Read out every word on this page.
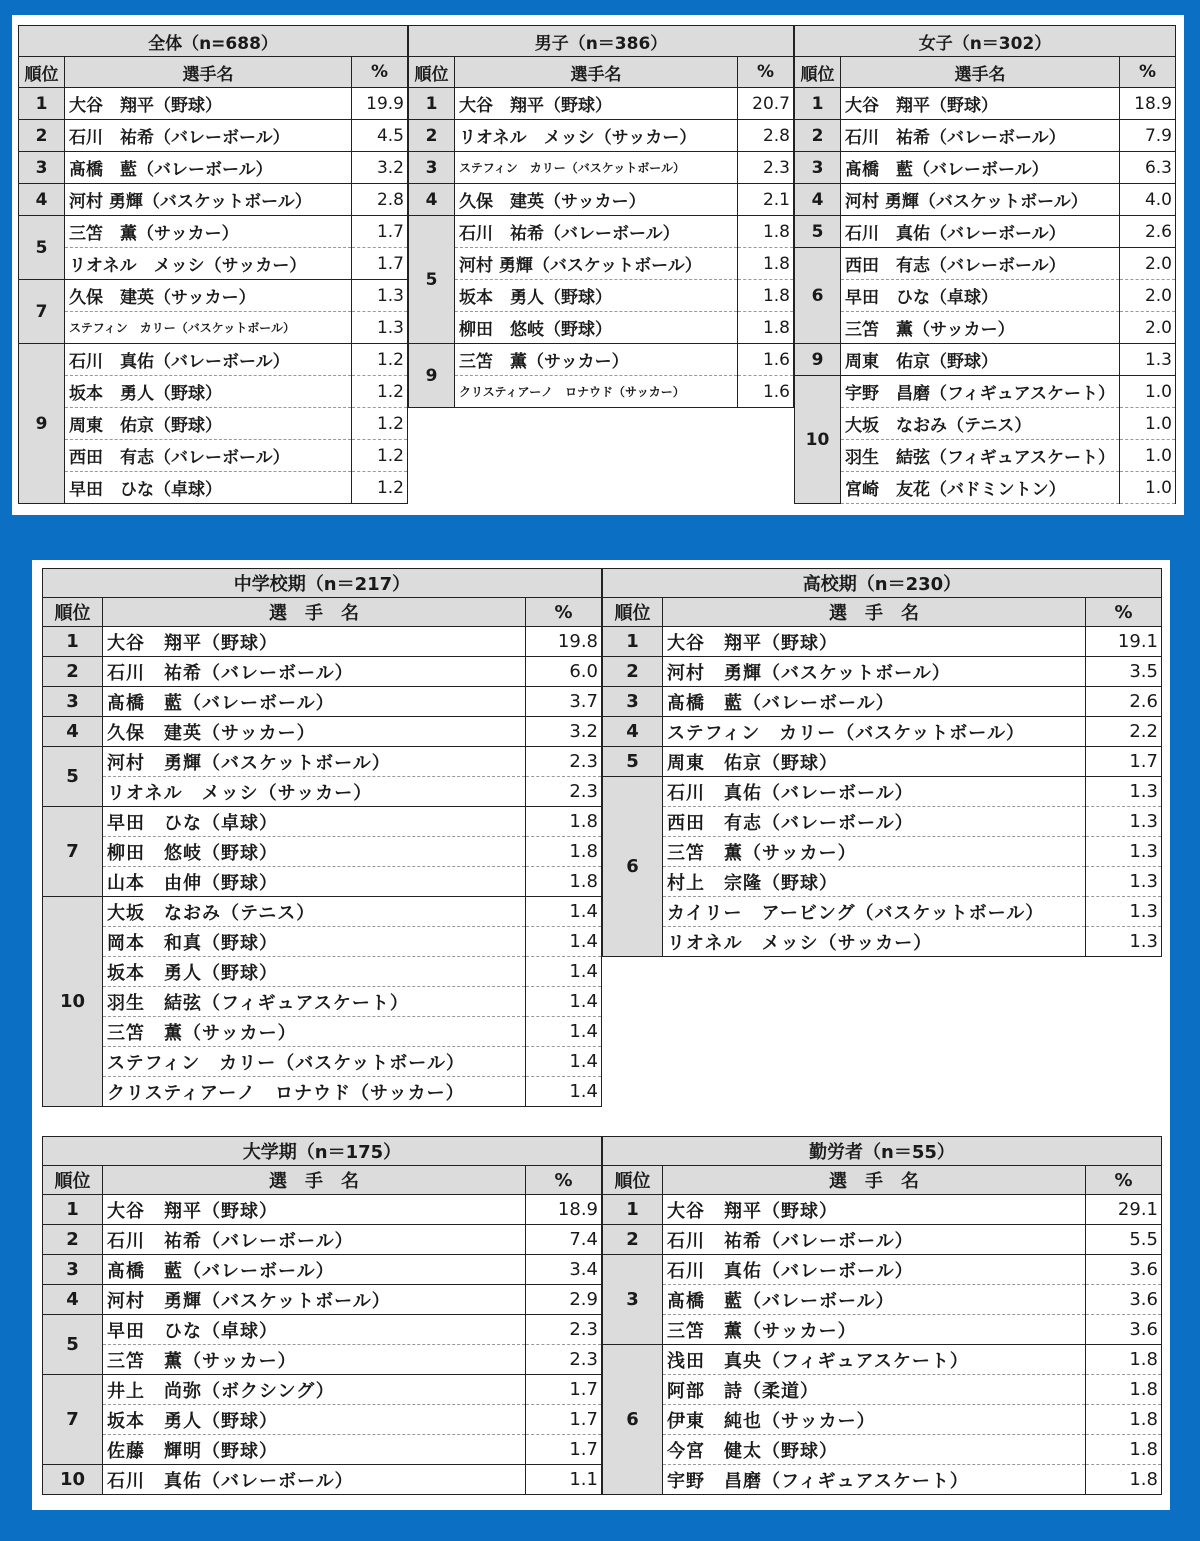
全体（n=688）		
順位	選手名	%
1	大谷　翔平（野球）	19.9
2	石川　祐希（バレーボール）	4.5
3	髙橋　藍（バレーボール）	3.2
4	河村 勇輝（バスケットボール）	2.8
5	三笘　薫（サッカー）	1.7
	リオネル　メッシ（サッカー）	1.7
7	久保　建英（サッカー）	1.3
	ステフィン　カリー（バスケットボール）	1.3
9	石川　真佑（バレーボール）	1.2
	坂本　勇人（野球）	1.2
	周東　佑京（野球）	1.2
	西田　有志（バレーボール）	1.2
	早田　ひな（卓球）	1.2
男子（n＝386）		
順位	選手名	%
1	大谷　翔平（野球）	20.7
2	リオネル　メッシ（サッカー）	2.8
3	ステフィン　カリー（バスケットボール）	2.3
4	久保　建英（サッカー）	2.1
5	石川　祐希（バレーボール）	1.8
	河村 勇輝（バスケットボール）	1.8
	坂本　勇人（野球）	1.8
	柳田　悠岐（野球）	1.8
9	三笘　薫（サッカー）	1.6
	クリスティアーノ　ロナウド（サッカー）	1.6
女子（n＝302）		
順位	選手名	%
1	大谷　翔平（野球）	18.9
2	石川　祐希（バレーボール）	7.9
3	髙橋　藍（バレーボール）	6.3
4	河村 勇輝（バスケットボール）	4.0
5	石川　真佑（バレーボール）	2.6
6	西田　有志（バレーボール）	2.0
	早田　ひな（卓球）	2.0
	三笘　薫（サッカー）	2.0
9	周東　佑京（野球）	1.3
10	宇野　昌磨（フィギュアスケート）	1.0
	大坂　なおみ（テニス）	1.0
	羽生　結弦（フィギュアスケート）	1.0
	宮崎　友花（バドミントン）	1.0
中学校期（n＝217）		
順位	選　手　名	%
1	大谷　翔平（野球）	19.8
2	石川　祐希（バレーボール）	6.0
3	髙橋　藍（バレーボール）	3.7
4	久保　建英（サッカー）	3.2
5	河村　勇輝（バスケットボール）	2.3
	リオネル　メッシ（サッカー）	2.3
7	早田　ひな（卓球）	1.8
	柳田　悠岐（野球）	1.8
	山本　由伸（野球）	1.8
10	大坂　なおみ（テニス）	1.4
	岡本　和真（野球）	1.4
	坂本　勇人（野球）	1.4
	羽生　結弦（フィギュアスケート）	1.4
	三笘　薫（サッカー）	1.4
	ステフィン　カリー（バスケットボール）	1.4
	クリスティアーノ　ロナウド（サッカー）	1.4
高校期（n＝230）		
順位	選　手　名	%
1	大谷　翔平（野球）	19.1
2	河村　勇輝（バスケットボール）	3.5
3	髙橋　藍（バレーボール）	2.6
4	ステフィン　カリー（バスケットボール）	2.2
5	周東　佑京（野球）	1.7
6	石川　真佑（バレーボール）	1.3
	西田　有志（バレーボール）	1.3
	三笘　薫（サッカー）	1.3
	村上　宗隆（野球）	1.3
	カイリー　アービング（バスケットボール）	1.3
	リオネル　メッシ（サッカー）	1.3
大学期（n＝175）		
順位	選　手　名	%
1	大谷　翔平（野球）	18.9
2	石川　祐希（バレーボール）	7.4
3	髙橋　藍（バレーボール）	3.4
4	河村　勇輝（バスケットボール）	2.9
5	早田　ひな（卓球）	2.3
	三笘　薫（サッカー）	2.3
7	井上　尚弥（ボクシング）	1.7
	坂本　勇人（野球）	1.7
	佐藤　輝明（野球）	1.7
10	石川　真佑（バレーボール）	1.1
勤労者（n＝55）		
順位	選　手　名	%
1	大谷　翔平（野球）	29.1
2	石川　祐希（バレーボール）	5.5
3	石川　真佑（バレーボール）	3.6
	髙橋　藍（バレーボール）	3.6
	三笘　薫（サッカー）	3.6
6	浅田　真央（フィギュアスケート）	1.8
	阿部　詩（柔道）	1.8
	伊東　純也（サッカー）	1.8
	今宮　健太（野球）	1.8
	宇野　昌磨（フィギュアスケート）	1.8
